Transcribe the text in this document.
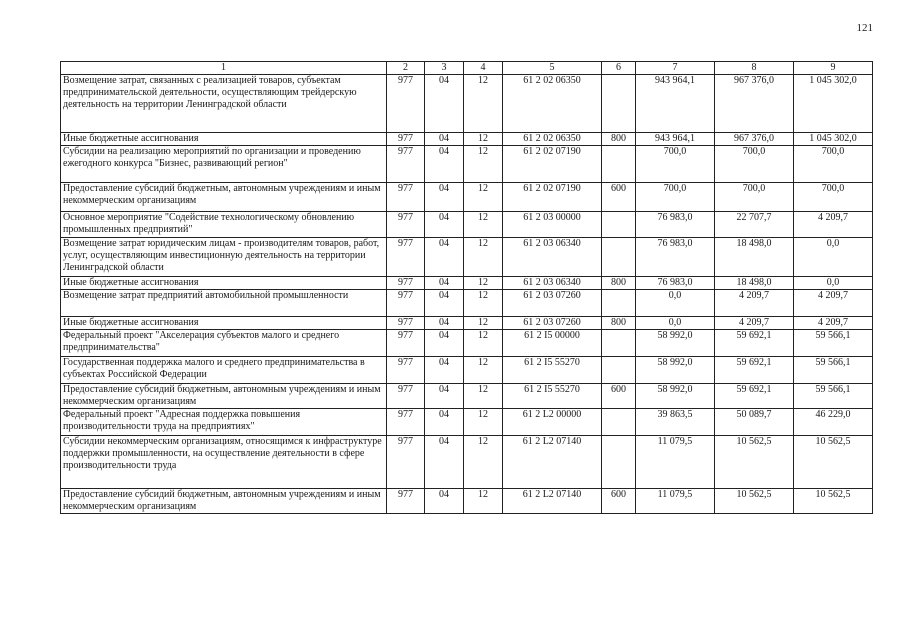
121
1	2	3	4	5	6	7	8	9
Возмещение затрат, связанных с реализацией товаров, субъектам предпринимательской деятельности, осуществляющим трейдерскую деятельность на территории Ленинградской области	977	04	12	61 2 02 06350		943 964,1	967 376,0	1 045 302,0
Иные бюджетные ассигнования	977	04	12	61 2 02 06350	800	943 964,1	967 376,0	1 045 302,0
Субсидии на реализацию мероприятий по организации и проведению ежегодного конкурса "Бизнес, развивающий регион"	977	04	12	61 2 02 07190		700,0	700,0	700,0
Предоставление субсидий бюджетным, автономным учреждениям и иным некоммерческим организациям	977	04	12	61 2 02 07190	600	700,0	700,0	700,0
Основное мероприятие "Содействие технологическому обновлению промышленных предприятий"	977	04	12	61 2 03 00000		76 983,0	22 707,7	4 209,7
Возмещение затрат юридическим лицам - производителям товаров, работ, услуг, осуществляющим инвестиционную деятельность на территории Ленинградской области	977	04	12	61 2 03 06340		76 983,0	18 498,0	0,0
Иные бюджетные ассигнования	977	04	12	61 2 03 06340	800	76 983,0	18 498,0	0,0
Возмещение затрат предприятий автомобильной промышленности	977	04	12	61 2 03 07260		0,0	4 209,7	4 209,7
Иные бюджетные ассигнования	977	04	12	61 2 03 07260	800	0,0	4 209,7	4 209,7
Федеральный проект "Акселерация субъектов малого и среднего предпринимательства"	977	04	12	61 2 I5 00000		58 992,0	59 692,1	59 566,1
Государственная поддержка малого и среднего предпринимательства в субъектах Российской Федерации	977	04	12	61 2 I5 55270		58 992,0	59 692,1	59 566,1
Предоставление субсидий бюджетным, автономным учреждениям и иным некоммерческим организациям	977	04	12	61 2 I5 55270	600	58 992,0	59 692,1	59 566,1
Федеральный проект "Адресная поддержка повышения производительности труда на предприятиях"	977	04	12	61 2 L2 00000		39 863,5	50 089,7	46 229,0
Субсидии некоммерческим организациям, относящимся к инфраструктуре поддержки промышленности, на осуществление деятельности в сфере производительности труда	977	04	12	61 2 L2 07140		11 079,5	10 562,5	10 562,5
Предоставление субсидий бюджетным, автономным учреждениям и иным некоммерческим организациям	977	04	12	61 2 L2 07140	600	11 079,5	10 562,5	10 562,5
